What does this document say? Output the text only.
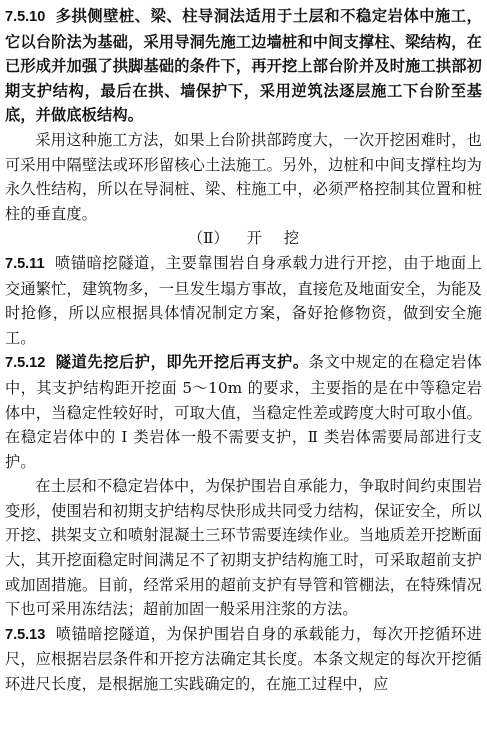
7.5.10 多拱侧壁桩、梁、柱导洞法适用于土层和不稳定岩体中施工，它以台阶法为基础，采用导洞先施工边墙桩和中间支撑柱、梁结构，在已形成并加强了拱脚基础的条件下，再开挖上部台阶并及时施工拱部初期支护结构，最后在拱、墙保护下，采用逆筑法逐层施工下台阶至基底，并做底板结构。

采用这种施工方法，如果上台阶拱部跨度大，一次开挖困难时，也可采用中隔壁法或环形留核心土法施工。另外，边桩和中间支撑柱均为永久性结构，所以在导洞桩、梁、柱施工中，必须严格控制其位置和桩柱的垂直度。

（Ⅱ） 开 挖

7.5.11 喷锚暗挖隧道，主要靠围岩自身承载力进行开挖，由于地面上交通繁忙，建筑物多，一旦发生塌方事故，直接危及地面安全，为能及时抢修，所以应根据具体情况制定方案，备好抢修物资，做到安全施工。

7.5.12 隧道先挖后护，即先开挖后再支护。条文中规定的在稳定岩体中，其支护结构距开挖面 5～10m 的要求，主要指的是在中等稳定岩体中，当稳定性较好时，可取大值，当稳定性差或跨度大时可取小值。在稳定岩体中的 Ⅰ 类岩体一般不需要支护，Ⅱ 类岩体需要局部进行支护。

在土层和不稳定岩体中，为保护围岩自承能力，争取时间约束围岩变形，使围岩和初期支护结构尽快形成共同受力结构，保证安全，所以开挖、拱架支立和喷射混凝土三环节需要连续作业。当地质差开挖断面大，其开挖面稳定时间满足不了初期支护结构施工时，可采取超前支护或加固措施。目前，经常采用的超前支护有导管和管棚法，在特殊情况下也可采用冻结法；超前加固一般采用注浆的方法。

7.5.13 喷锚暗挖隧道，为保护围岩自身的承载能力，每次开挖循环进尺，应根据岩层条件和开挖方法确定其长度。本条文规定的每次开挖循环进尺长度，是根据施工实践确定的，在施工过程中，应
